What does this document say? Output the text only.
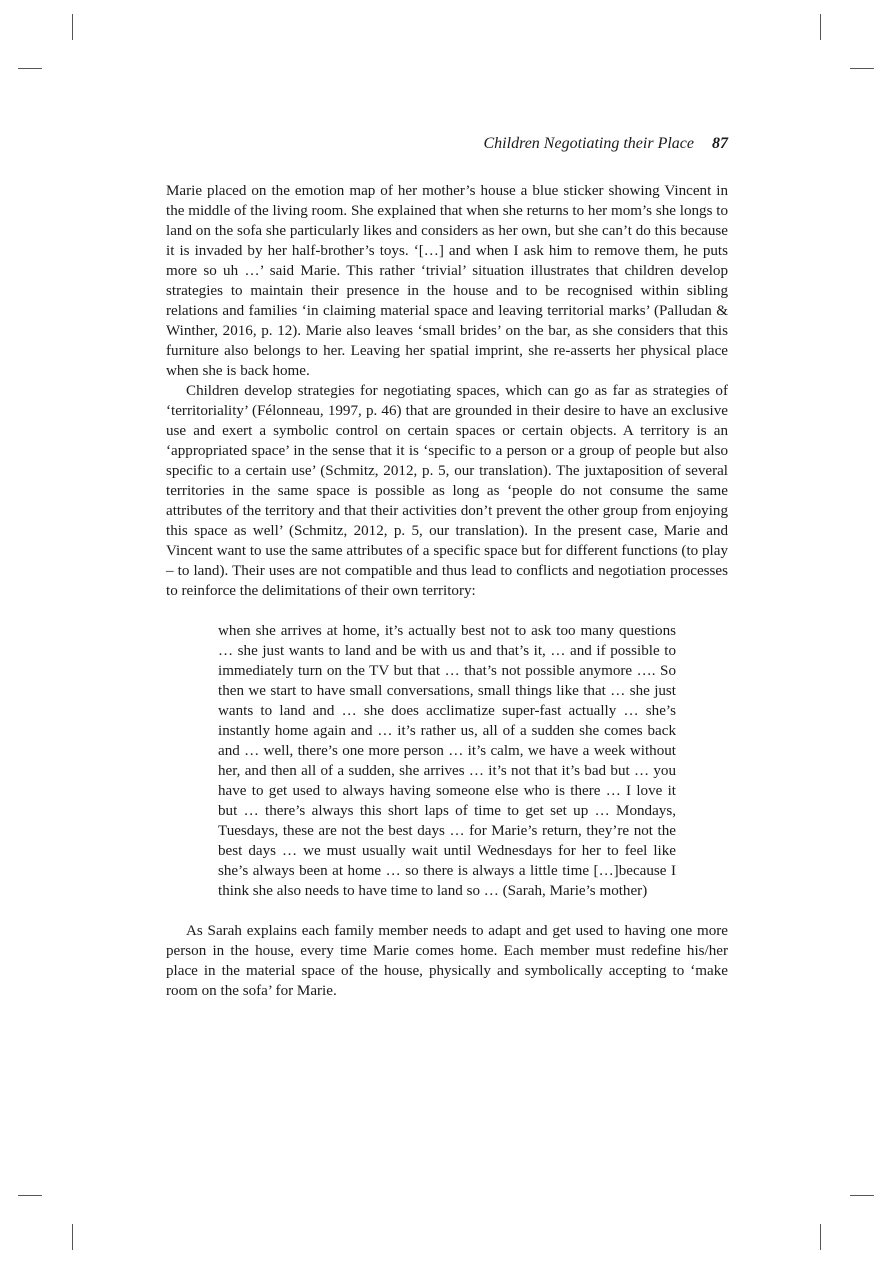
Children Negotiating their Place 87

Marie placed on the emotion map of her mother’s house a blue sticker showing Vincent in the middle of the living room. She explained that when she returns to her mom’s she longs to land on the sofa she particularly likes and considers as her own, but she can’t do this because it is invaded by her half-brother’s toys. ‘[…] and when I ask him to remove them, he puts more so uh …’ said Marie. This rather ‘trivial’ situation illustrates that children develop strategies to maintain their presence in the house and to be recognised within sibling relations and families ‘in claiming material space and leaving territorial marks’ (Palludan & Winther, 2016, p. 12). Marie also leaves ‘small brides’ on the bar, as she considers that this furniture also belongs to her. Leaving her spatial imprint, she re-asserts her physical place when she is back home.

Children develop strategies for negotiating spaces, which can go as far as strategies of ‘territoriality’ (Félonneau, 1997, p. 46) that are grounded in their desire to have an exclusive use and exert a symbolic control on certain spaces or certain objects. A territory is an ‘appropriated space’ in the sense that it is ‘specific to a person or a group of people but also specific to a certain use’ (Schmitz, 2012, p. 5, our translation). The juxtaposition of several territories in the same space is possible as long as ‘people do not consume the same attributes of the territory and that their activities don’t prevent the other group from enjoying this space as well’ (Schmitz, 2012, p. 5, our translation). In the present case, Marie and Vincent want to use the same attributes of a specific space but for different functions (to play – to land). Their uses are not compatible and thus lead to conflicts and negotiation processes to reinforce the delimitations of their own territory:

when she arrives at home, it’s actually best not to ask too many questions … she just wants to land and be with us and that’s it, … and if possible to immediately turn on the TV but that … that’s not possible anymore …. So then we start to have small conversations, small things like that … she just wants to land and … she does acclimatize super-fast actually … she’s instantly home again and … it’s rather us, all of a sudden she comes back and … well, there’s one more person … it’s calm, we have a week without her, and then all of a sudden, she arrives … it’s not that it’s bad but … you have to get used to always having someone else who is there … I love it but … there’s always this short laps of time to get set up … Mondays, Tuesdays, these are not the best days … for Marie’s return, they’re not the best days … we must usually wait until Wednesdays for her to feel like she’s always been at home … so there is always a little time […]because I think she also needs to have time to land so … (Sarah, Marie’s mother)

As Sarah explains each family member needs to adapt and get used to having one more person in the house, every time Marie comes home. Each member must redefine his/her place in the material space of the house, physically and symbolically accepting to ‘make room on the sofa’ for Marie.
